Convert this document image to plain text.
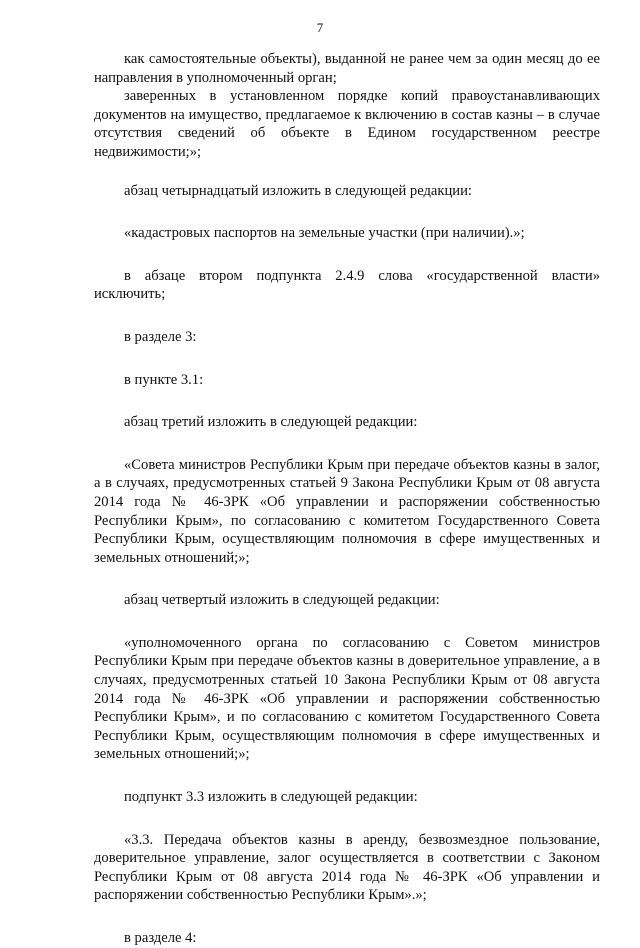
7

как самостоятельные объекты), выданной не ранее чем за один месяц до ее направления в уполномоченный орган;

заверенных в установленном порядке копий правоустанавливающих документов на имущество, предлагаемое к включению в состав казны – в случае отсутствия сведений об объекте в Едином государственном реестре недвижимости;»;

абзац четырнадцатый изложить в следующей редакции:

«кадастровых паспортов на земельные участки (при наличии).»;

в абзаце втором подпункта 2.4.9 слова «государственной власти» исключить;

в разделе 3:

в пункте 3.1:

абзац третий изложить в следующей редакции:

«Совета министров Республики Крым при передаче объектов казны в залог, а в случаях, предусмотренных статьей 9 Закона Республики Крым от 08 августа 2014 года № 46-ЗРК «Об управлении и распоряжении собственностью Республики Крым», по согласованию с комитетом Государственного Совета Республики Крым, осуществляющим полномочия в сфере имущественных и земельных отношений;»;

абзац четвертый изложить в следующей редакции:

«уполномоченного органа по согласованию с Советом министров Республики Крым при передаче объектов казны в доверительное управление, а в случаях, предусмотренных статьей 10 Закона Республики Крым от 08 августа 2014 года № 46-ЗРК «Об управлении и распоряжении собственностью Республики Крым», и по согласованию с комитетом Государственного Совета Республики Крым, осуществляющим полномочия в сфере имущественных и земельных отношений;»;

подпункт 3.3 изложить в следующей редакции:

«3.3. Передача объектов казны в аренду, безвозмездное пользование, доверительное управление, залог осуществляется в соответствии с Законом Республики Крым от 08 августа 2014 года № 46-ЗРК «Об управлении и распоряжении собственностью Республики Крым».»;

в разделе 4:
